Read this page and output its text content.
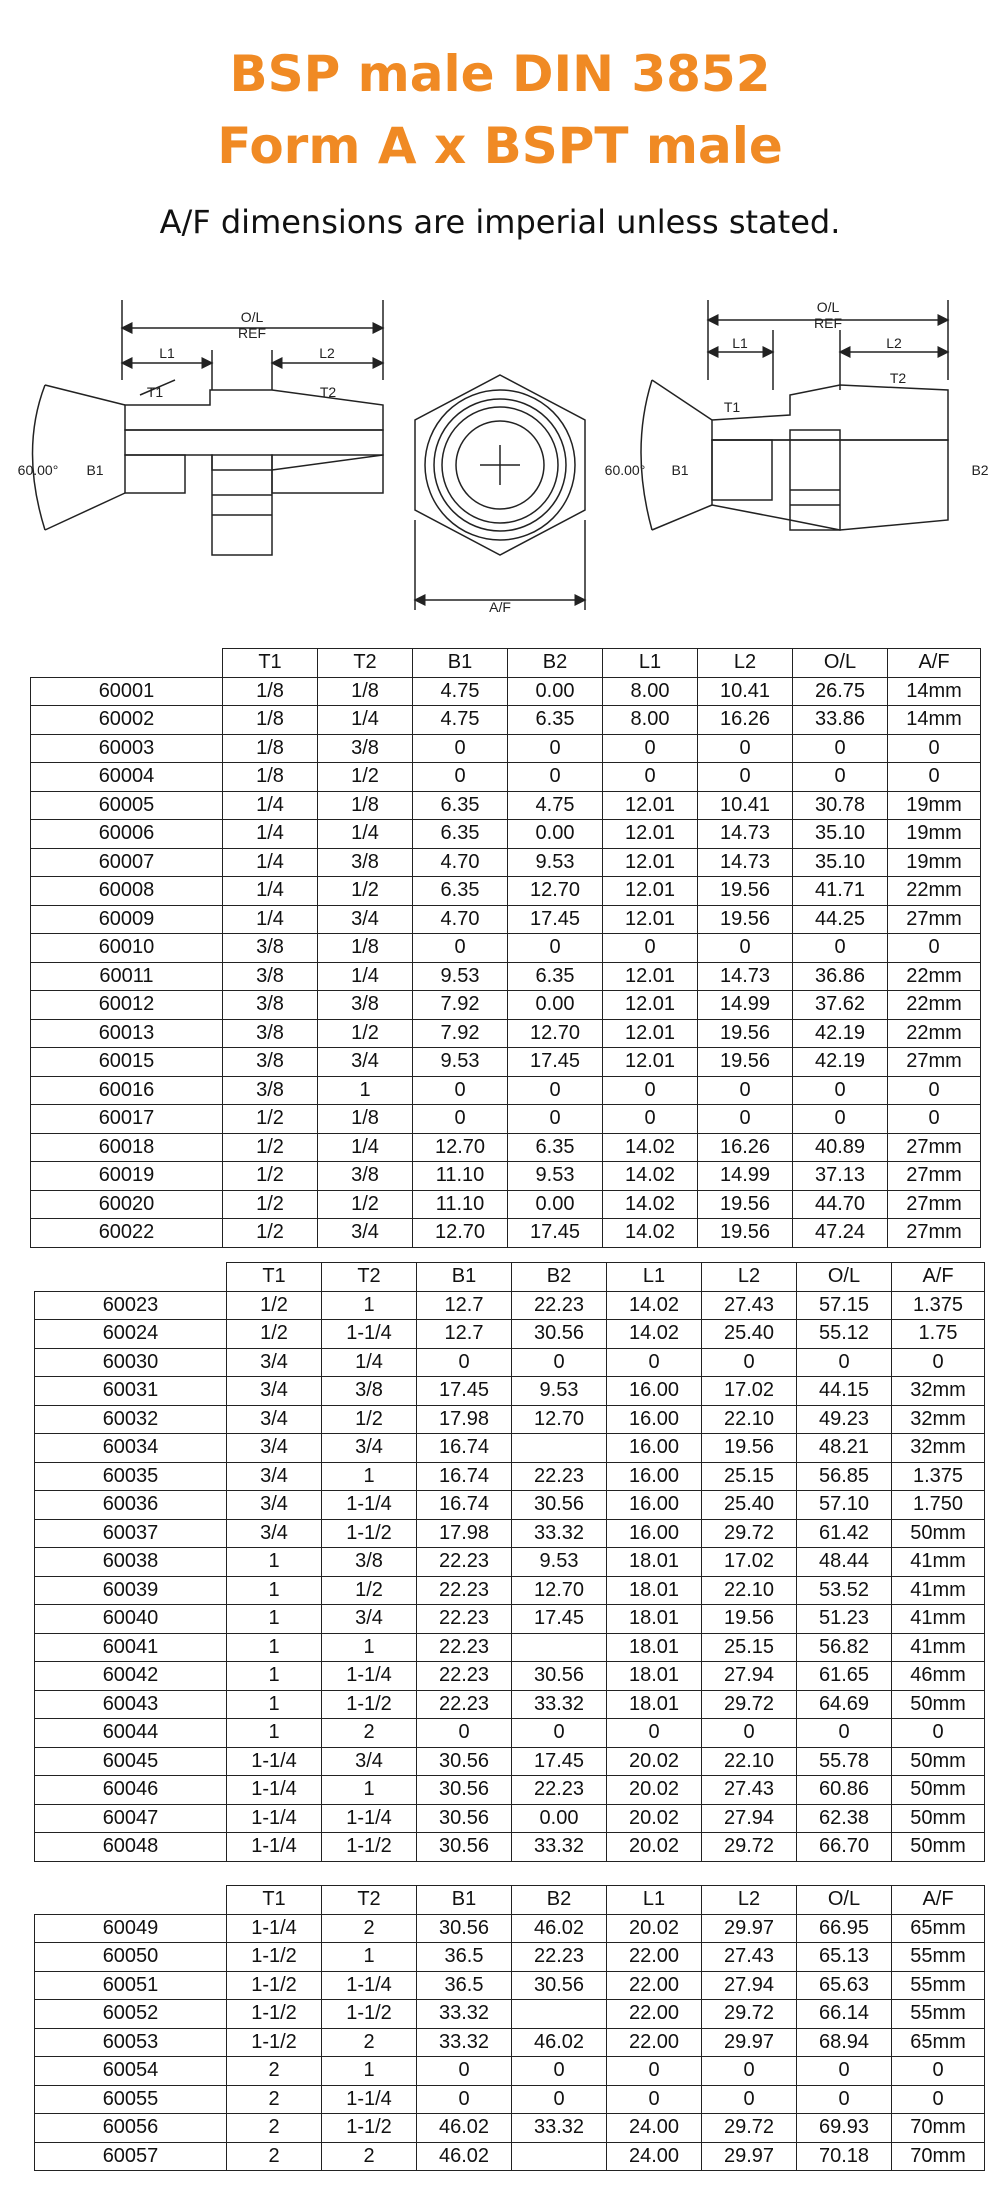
BSP male DIN 3852
Form A x BSPT male

A/F dimensions are imperial unless stated.

O/L
REF
L1	L2
T1	T2
B1
60.00°
A/F
O/L
REF
L1	L2
T1
T2
B1
60.00°	B2
	T1	T2	B1	B2	L1	L2	O/L	A/F
60001	1/8	1/8	4.75	0.00	8.00	10.41	26.75	14mm
60002	1/8	1/4	4.75	6.35	8.00	16.26	33.86	14mm
60003	1/8	3/8	0	0	0	0	0	0
60004	1/8	1/2	0	0	0	0	0	0
60005	1/4	1/8	6.35	4.75	12.01	10.41	30.78	19mm
60006	1/4	1/4	6.35	0.00	12.01	14.73	35.10	19mm
60007	1/4	3/8	4.70	9.53	12.01	14.73	35.10	19mm
60008	1/4	1/2	6.35	12.70	12.01	19.56	41.71	22mm
60009	1/4	3/4	4.70	17.45	12.01	19.56	44.25	27mm
60010	3/8	1/8	0	0	0	0	0	0
60011	3/8	1/4	9.53	6.35	12.01	14.73	36.86	22mm
60012	3/8	3/8	7.92	0.00	12.01	14.99	37.62	22mm
60013	3/8	1/2	7.92	12.70	12.01	19.56	42.19	22mm
60015	3/8	3/4	9.53	17.45	12.01	19.56	42.19	27mm
60016	3/8	1	0	0	0	0	0	0
60017	1/2	1/8	0	0	0	0	0	0
60018	1/2	1/4	12.70	6.35	14.02	16.26	40.89	27mm
60019	1/2	3/8	11.10	9.53	14.02	14.99	37.13	27mm
60020	1/2	1/2	11.10	0.00	14.02	19.56	44.70	27mm
60022	1/2	3/4	12.70	17.45	14.02	19.56	47.24	27mm
	T1	T2	B1	B2	L1	L2	O/L	A/F
60023	1/2	1	12.7	22.23	14.02	27.43	57.15	1.375
60024	1/2	1-1/4	12.7	30.56	14.02	25.40	55.12	1.75
60030	3/4	1/4	0	0	0	0	0	0
60031	3/4	3/8	17.45	9.53	16.00	17.02	44.15	32mm
60032	3/4	1/2	17.98	12.70	16.00	22.10	49.23	32mm
60034	3/4	3/4	16.74		16.00	19.56	48.21	32mm
60035	3/4	1	16.74	22.23	16.00	25.15	56.85	1.375
60036	3/4	1-1/4	16.74	30.56	16.00	25.40	57.10	1.750
60037	3/4	1-1/2	17.98	33.32	16.00	29.72	61.42	50mm
60038	1	3/8	22.23	9.53	18.01	17.02	48.44	41mm
60039	1	1/2	22.23	12.70	18.01	22.10	53.52	41mm
60040	1	3/4	22.23	17.45	18.01	19.56	51.23	41mm
60041	1	1	22.23		18.01	25.15	56.82	41mm
60042	1	1-1/4	22.23	30.56	18.01	27.94	61.65	46mm
60043	1	1-1/2	22.23	33.32	18.01	29.72	64.69	50mm
60044	1	2	0	0	0	0	0	0
60045	1-1/4	3/4	30.56	17.45	20.02	22.10	55.78	50mm
60046	1-1/4	1	30.56	22.23	20.02	27.43	60.86	50mm
60047	1-1/4	1-1/4	30.56	0.00	20.02	27.94	62.38	50mm
60048	1-1/4	1-1/2	30.56	33.32	20.02	29.72	66.70	50mm
	T1	T2	B1	B2	L1	L2	O/L	A/F
60049	1-1/4	2	30.56	46.02	20.02	29.97	66.95	65mm
60050	1-1/2	1	36.5	22.23	22.00	27.43	65.13	55mm
60051	1-1/2	1-1/4	36.5	30.56	22.00	27.94	65.63	55mm
60052	1-1/2	1-1/2	33.32		22.00	29.72	66.14	55mm
60053	1-1/2	2	33.32	46.02	22.00	29.97	68.94	65mm
60054	2	1	0	0	0	0	0	0
60055	2	1-1/4	0	0	0	0	0	0
60056	2	1-1/2	46.02	33.32	24.00	29.72	69.93	70mm
60057	2	2	46.02		24.00	29.97	70.18	70mm
